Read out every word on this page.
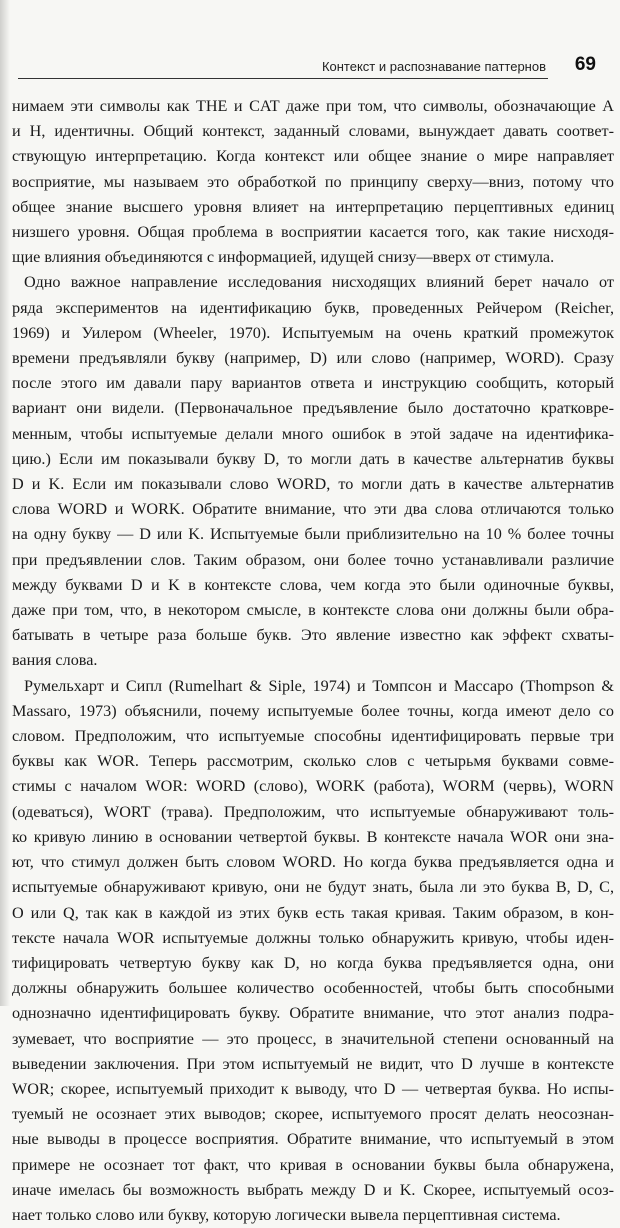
Контекст и распознавание паттернов 69
нимаем эти символы как THE и CAT даже при том, что символы, обозначающие A
и H, идентичны. Общий контекст, заданный словами, вынуждает давать соответ-
ствующую интерпретацию. Когда контекст или общее знание о мире направляет
восприятие, мы называем это обработкой по принципу сверху—вниз, потому что
общее знание высшего уровня влияет на интерпретацию перцептивных единиц
низшего уровня. Общая проблема в восприятии касается того, как такие нисходя-
щие влияния объединяются с информацией, идущей снизу—вверх от стимула.
Одно важное направление исследования нисходящих влияний берет начало от
ряда экспериментов на идентификацию букв, проведенных Рейчером (Reicher,
1969) и Уилером (Wheeler, 1970). Испытуемым на очень краткий промежуток
времени предъявляли букву (например, D) или слово (например, WORD). Сразу
после этого им давали пару вариантов ответа и инструкцию сообщить, который
вариант они видели. (Первоначальное предъявление было достаточно кратковре-
менным, чтобы испытуемые делали много ошибок в этой задаче на идентифика-
цию.) Если им показывали букву D, то могли дать в качестве альтернатив буквы
D и K. Если им показывали слово WORD, то могли дать в качестве альтернатив
слова WORD и WORK. Обратите внимание, что эти два слова отличаются только
на одну букву — D или K. Испытуемые были приблизительно на 10 % более точны
при предъявлении слов. Таким образом, они более точно устанавливали различие
между буквами D и K в контексте слова, чем когда это были одиночные буквы,
даже при том, что, в некотором смысле, в контексте слова они должны были обра-
батывать в четыре раза больше букв. Это явление известно как эффект схваты-
вания слова.
Румельхарт и Сипл (Rumelhart & Siple, 1974) и Томпсон и Массаро (Thompson &
Massaro, 1973) объяснили, почему испытуемые более точны, когда имеют дело со
словом. Предположим, что испытуемые способны идентифицировать первые три
буквы как WOR. Теперь рассмотрим, сколько слов с четырьмя буквами совме-
стимы с началом WOR: WORD (слово), WORK (работа), WORM (червь), WORN
(одеваться), WORT (трава). Предположим, что испытуемые обнаруживают толь-
ко кривую линию в основании четвертой буквы. В контексте начала WOR они зна-
ют, что стимул должен быть словом WORD. Но когда буква предъявляется одна и
испытуемые обнаруживают кривую, они не будут знать, была ли это буква B, D, C,
O или Q, так как в каждой из этих букв есть такая кривая. Таким образом, в кон-
тексте начала WOR испытуемые должны только обнаружить кривую, чтобы иден-
тифицировать четвертую букву как D, но когда буква предъявляется одна, они
должны обнаружить большее количество особенностей, чтобы быть способными
однозначно идентифицировать букву. Обратите внимание, что этот анализ подра-
зумевает, что восприятие — это процесс, в значительной степени основанный на
выведении заключения. При этом испытуемый не видит, что D лучше в контексте
WOR; скорее, испытуемый приходит к выводу, что D — четвертая буква. Но испы-
туемый не осознает этих выводов; скорее, испытуемого просят делать неосознан-
ные выводы в процессе восприятия. Обратите внимание, что испытуемый в этом
примере не осознает тот факт, что кривая в основании буквы была обнаружена,
иначе имелась бы возможность выбрать между D и K. Скорее, испытуемый осоз-
нает только слово или букву, которую логически вывела перцептивная система.
